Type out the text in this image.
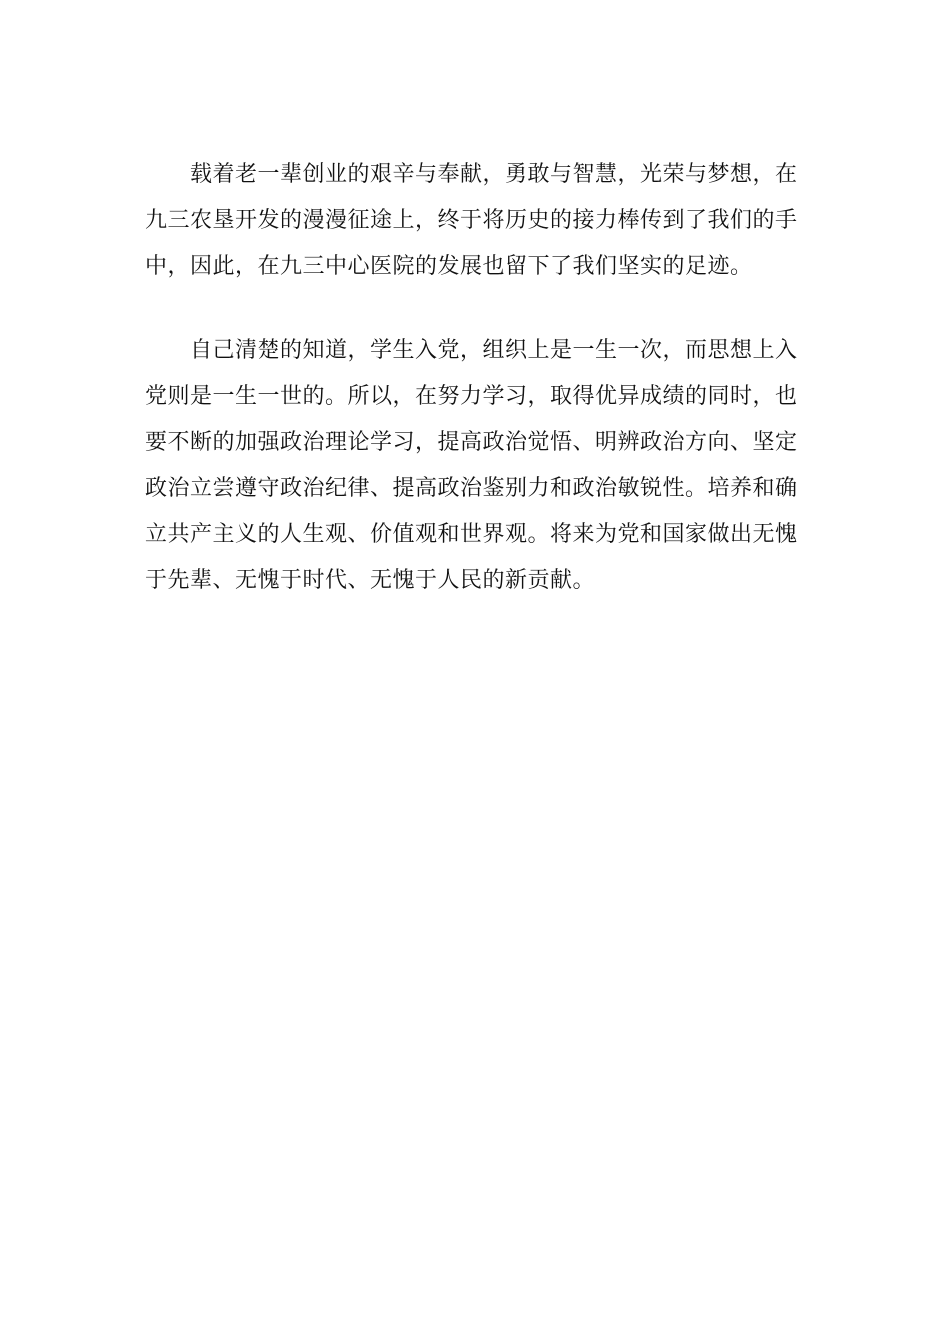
　　载着老一辈创业的艰辛与奉献，勇敢与智慧，光荣与梦想，在
九三农垦开发的漫漫征途上，终于将历史的接力棒传到了我们的手
中，因此，在九三中心医院的发展也留下了我们坚实的足迹。
　　自己清楚的知道，学生入党，组织上是一生一次，而思想上入
党则是一生一世的。所以，在努力学习，取得优异成绩的同时，也
要不断的加强政治理论学习，提高政治觉悟、明辨政治方向、坚定
政治立尝遵守政治纪律、提高政治鉴别力和政治敏锐性。培养和确
立共产主义的人生观、价值观和世界观。将来为党和国家做出无愧
于先辈、无愧于时代、无愧于人民的新贡献。
